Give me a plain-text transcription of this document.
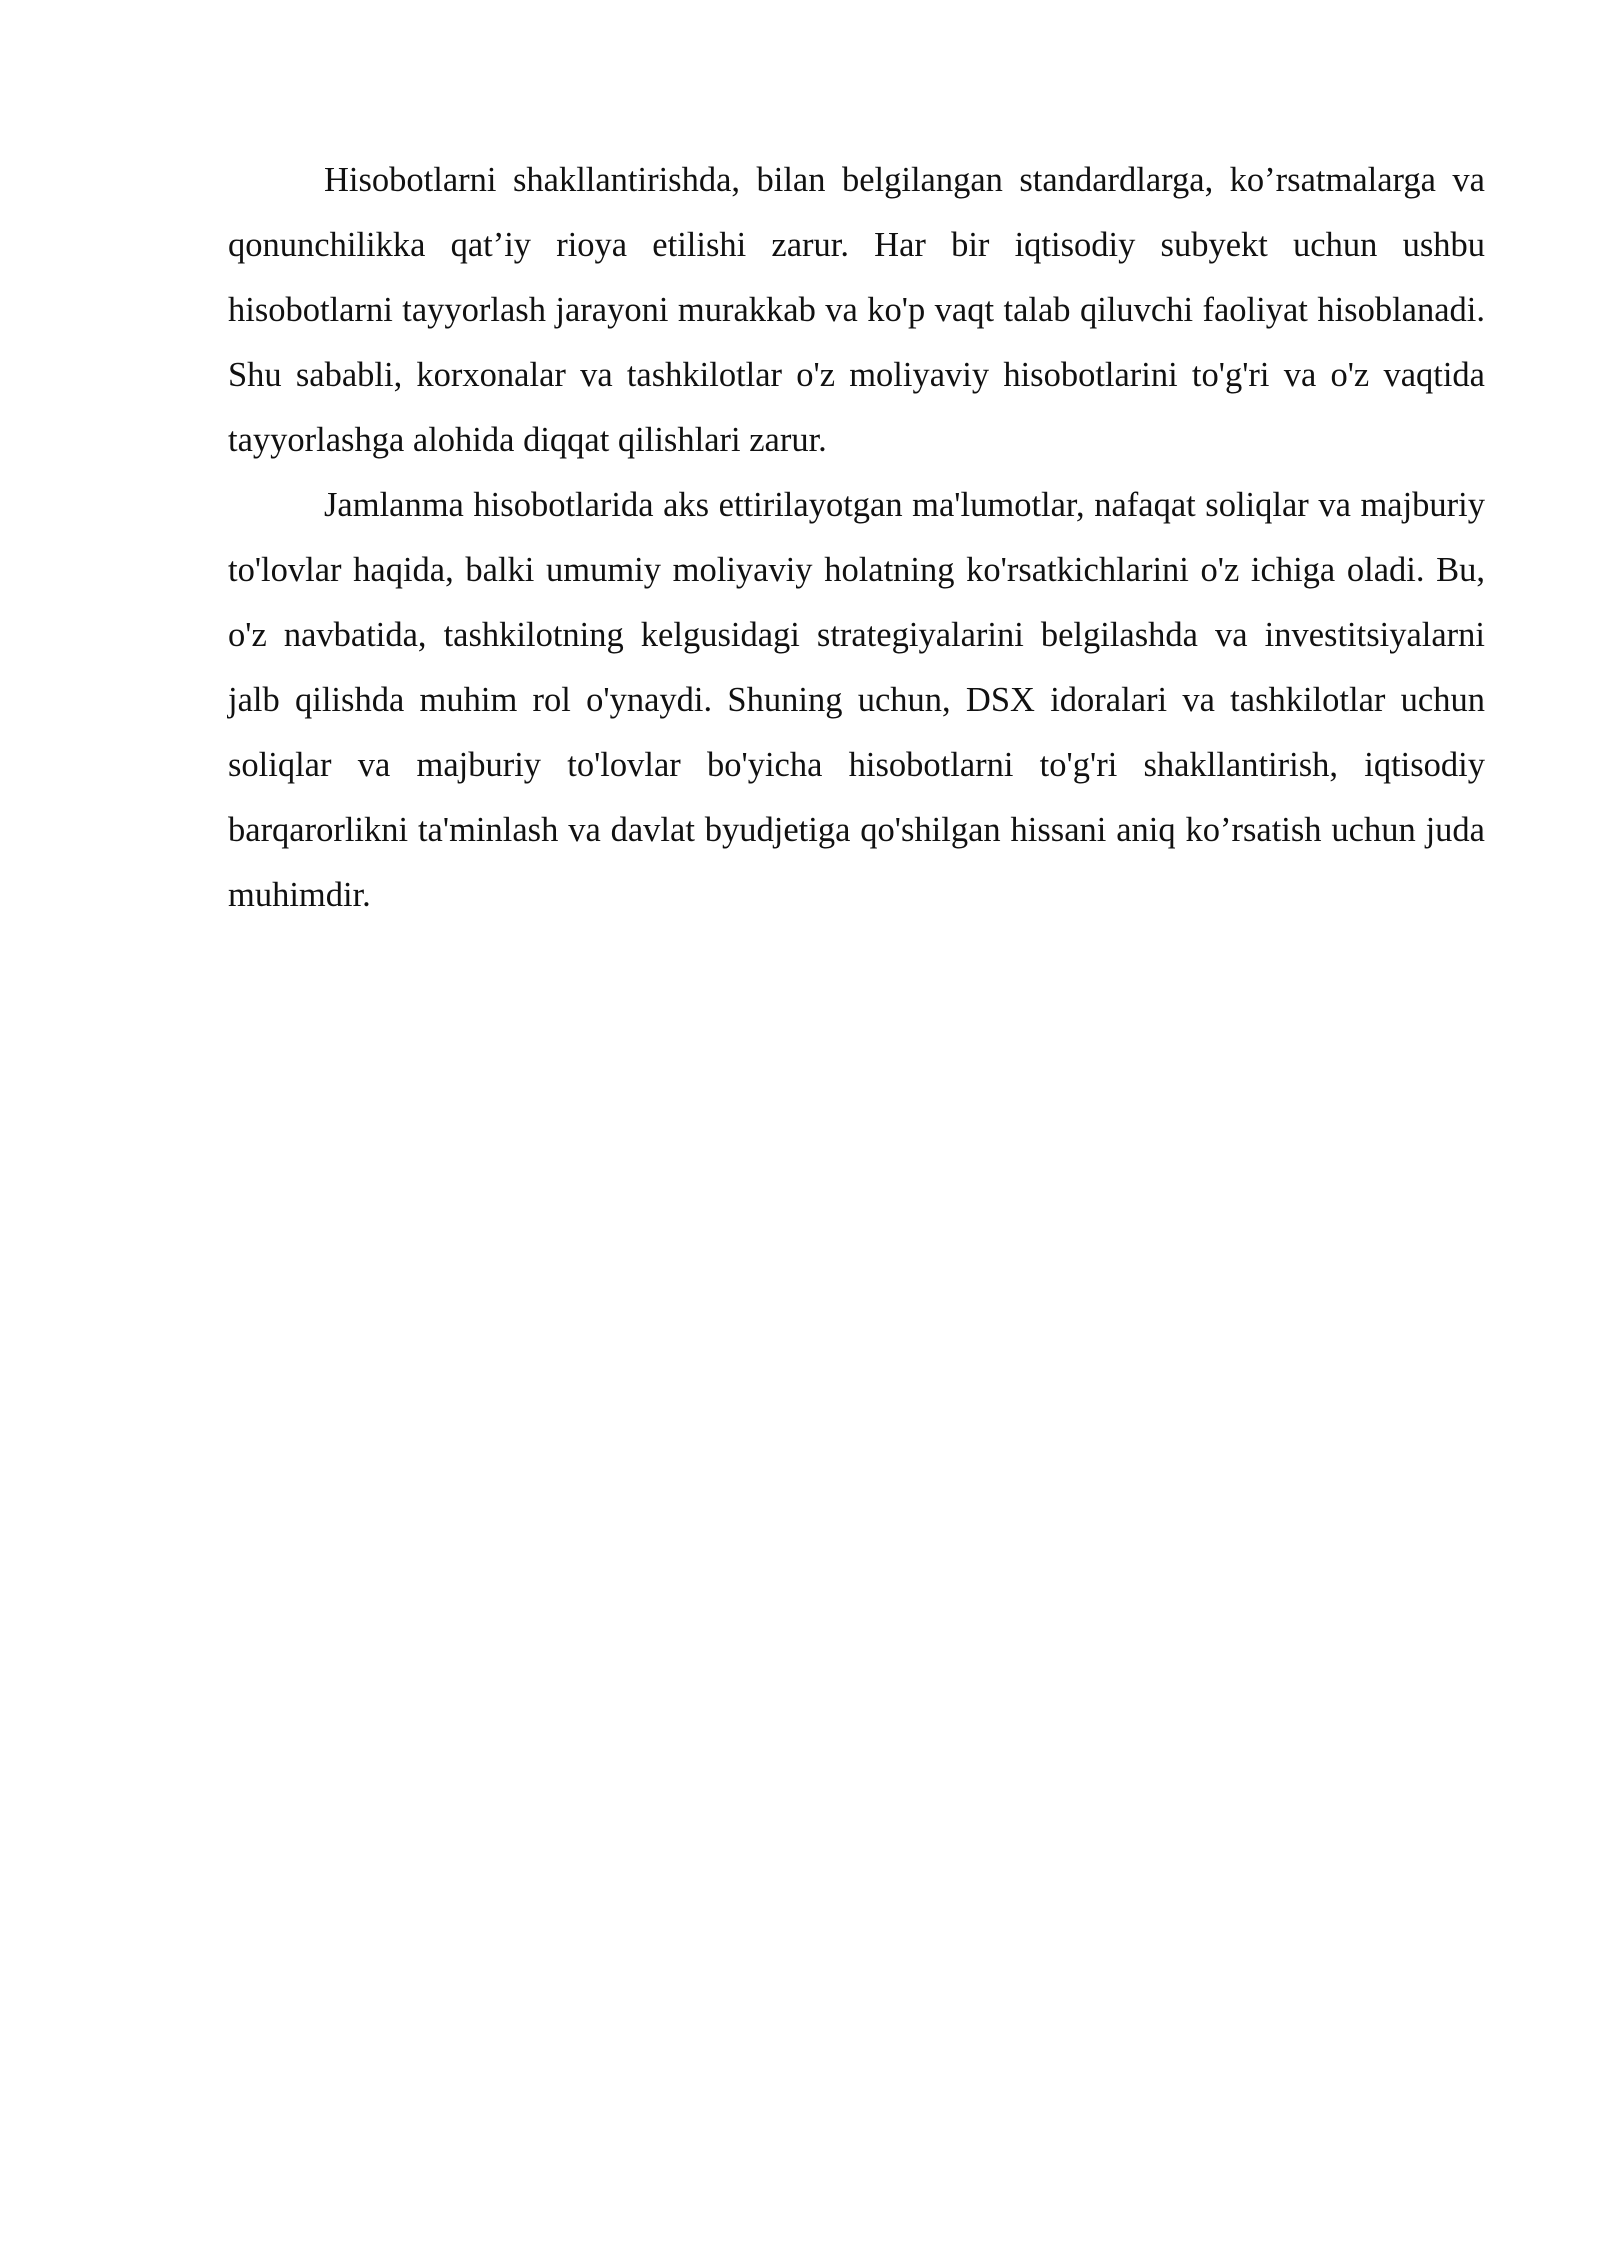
Hisobotlarni shakllantirishda, bilan belgilangan standardlarga, ko’rsatmalarga va qonunchilikka qat’iy rioya etilishi zarur. Har bir iqtisodiy subyekt uchun ushbu hisobotlarni tayyorlash jarayoni murakkab va ko'p vaqt talab qiluvchi faoliyat hisoblanadi. Shu sababli, korxonalar va tashkilotlar o'z moliyaviy hisobotlarini to'g'ri va o'z vaqtida tayyorlashga alohida diqqat qilishlari zarur.

Jamlanma hisobotlarida aks ettirilayotgan ma'lumotlar, nafaqat soliqlar va majburiy to'lovlar haqida, balki umumiy moliyaviy holatning ko'rsatkichlarini o'z ichiga oladi. Bu, o'z navbatida, tashkilotning kelgusidagi strategiyalarini belgilashda va investitsiyalarni jalb qilishda muhim rol o'ynaydi. Shuning uchun, DSX idoralari va tashkilotlar uchun soliqlar va majburiy to'lovlar bo'yicha hisobotlarni to'g'ri shakllantirish, iqtisodiy barqarorlikni ta'minlash va davlat byudjetiga qo'shilgan hissani aniq ko’rsatish uchun juda muhimdir.
